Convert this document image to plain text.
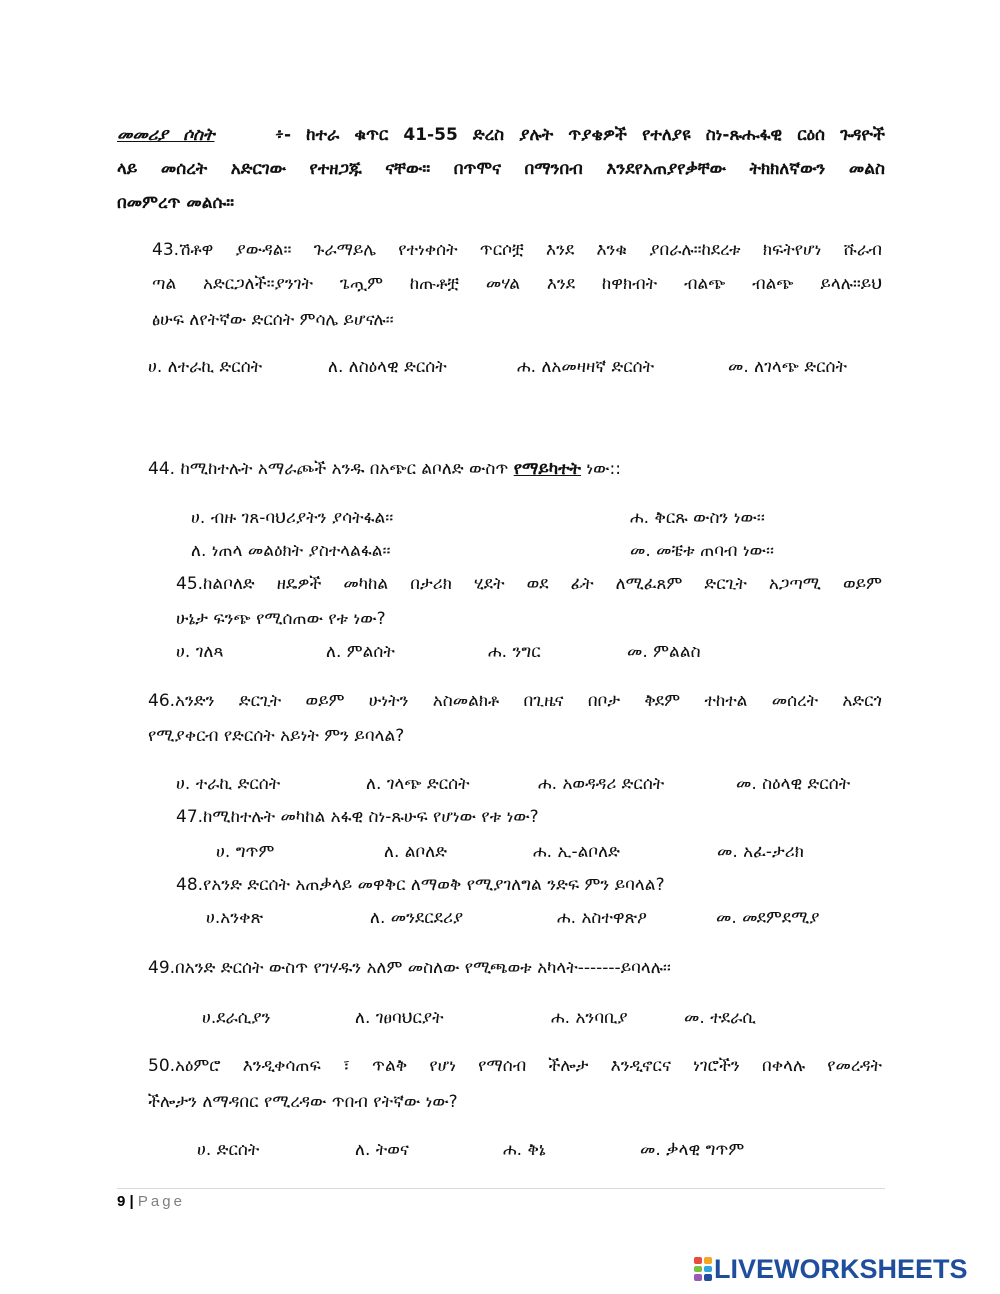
መመሪያ ሶስት	፥- ከተራ ቁጥር 41-55 ድረስ ያሉት ጥያቄዎች የተለያዩ ስነ-ጹሑፋዊ ርዕሰ ጉዳዮች
ላይ መሰረት አድርገው የተዘጋጁ ናቸው። በጥሞና በማንበብ እንደየአጠያየቃቸው ትክክለኛውን መልስ
በመምረጥ መልሱ።
43.ሽቶዋ ያውዳል። ጉራማይሌ የተነቀሰት ጥርሶቿ እንደ እንቁ ያበራሉ።ከደረቱ ክፍትየሆነ ሹራብ
ጣል አድርጋለች።ያንገት ጌጧም ከጡቶቿ መሃል እንደ ከዋክብት ብልጭ ብልጭ ይላሉ።ይህ
ፅሁፍ ለየትኛው ድርሰት ምሳሌ ይሆናሉ፡፡
ሀ. ለተራኪ ድርሰት	ለ. ለስዕላዊ ድርሰት	ሐ. ለአመዛዛኛ ድርሰት	መ. ለገላጭ ድርሰት
44. ከሚከተሉት አማራጮች አንዱ በአጭር ልቦለድ ውስጥ የማይካተት ነው::
ሀ. ብዙ ገጸ-ባህሪያትን ያሳትፋል፡፡	ሐ. ቅርጹ ውስን ነው፡፡
ለ. ነጠላ መልዕክት ያስተላልፋል፡፡	መ. መቼቱ ጠባብ ነው፡፡
45.ከልቦለድ ዘዴዎች መካከል በታሪክ ሂደት ወደ ፊት ለሚፈጸም ድርጊት አጋጣሚ ወይም
ሁኔታ ፍንጭ የሚሰጠው የቱ ነው?
ሀ. ገለጻ	ለ. ምልሰት	ሐ. ንግር	መ. ምልልስ
46.አንድን ድርጊት ወይም ሁነትን አስመልክቶ በጊዜና በቦታ ቅደም ተከተል መሰረት አድርጎ
የሚያቀርብ የድርሰት አይነት ምን ይባላል?
ሀ. ተራኪ ድርሰት	ለ. ገላጭ ድርሰት	ሐ. አወዳዳሪ ድርሰት	መ. ስዕላዊ ድርሰት
47.ከሚከተሉት መካከል አፋዊ ስነ-ጹሁፍ የሆነው የቱ ነው?
ሀ. ግጥም	ለ. ልቦለድ	ሐ. ኢ-ልቦለድ	መ. አፈ-ታሪክ
48.የአንድ ድርሰት አጠቃላይ መዋቅር ለማወቅ የሚያገለግል ንድፍ ምን ይባላል?
ሀ.አንቀጽ	ለ. መንደርደሪያ	ሐ. አስተዋጽዖ	መ. መደምደሚያ
49.በአንድ ድርሰት ውስጥ የገሃዱን አለም መስለው የሚጫወቱ አካላት-------ይባላሉ፡፡
ሀ.ደራሲያን	ለ. ገፀባህርያት	ሐ. አንባቢያ	መ. ተደራሲ
50.አዕምሮ እንዲቀሳጠፍ ፣ ጥልቅ የሆነ የማሰብ ችሎታ እንዲኖርና ነገሮችን በቀላሉ የመረዳት
ችሎታን ለማዳበር የሚረዳው ጥበብ የትኛው ነው?
ሀ. ድርሰት	ለ. ትወና	ሐ. ቅኔ	መ. ቃላዊ ግጥም
9 | Page
LIVEWORKSHEETS
